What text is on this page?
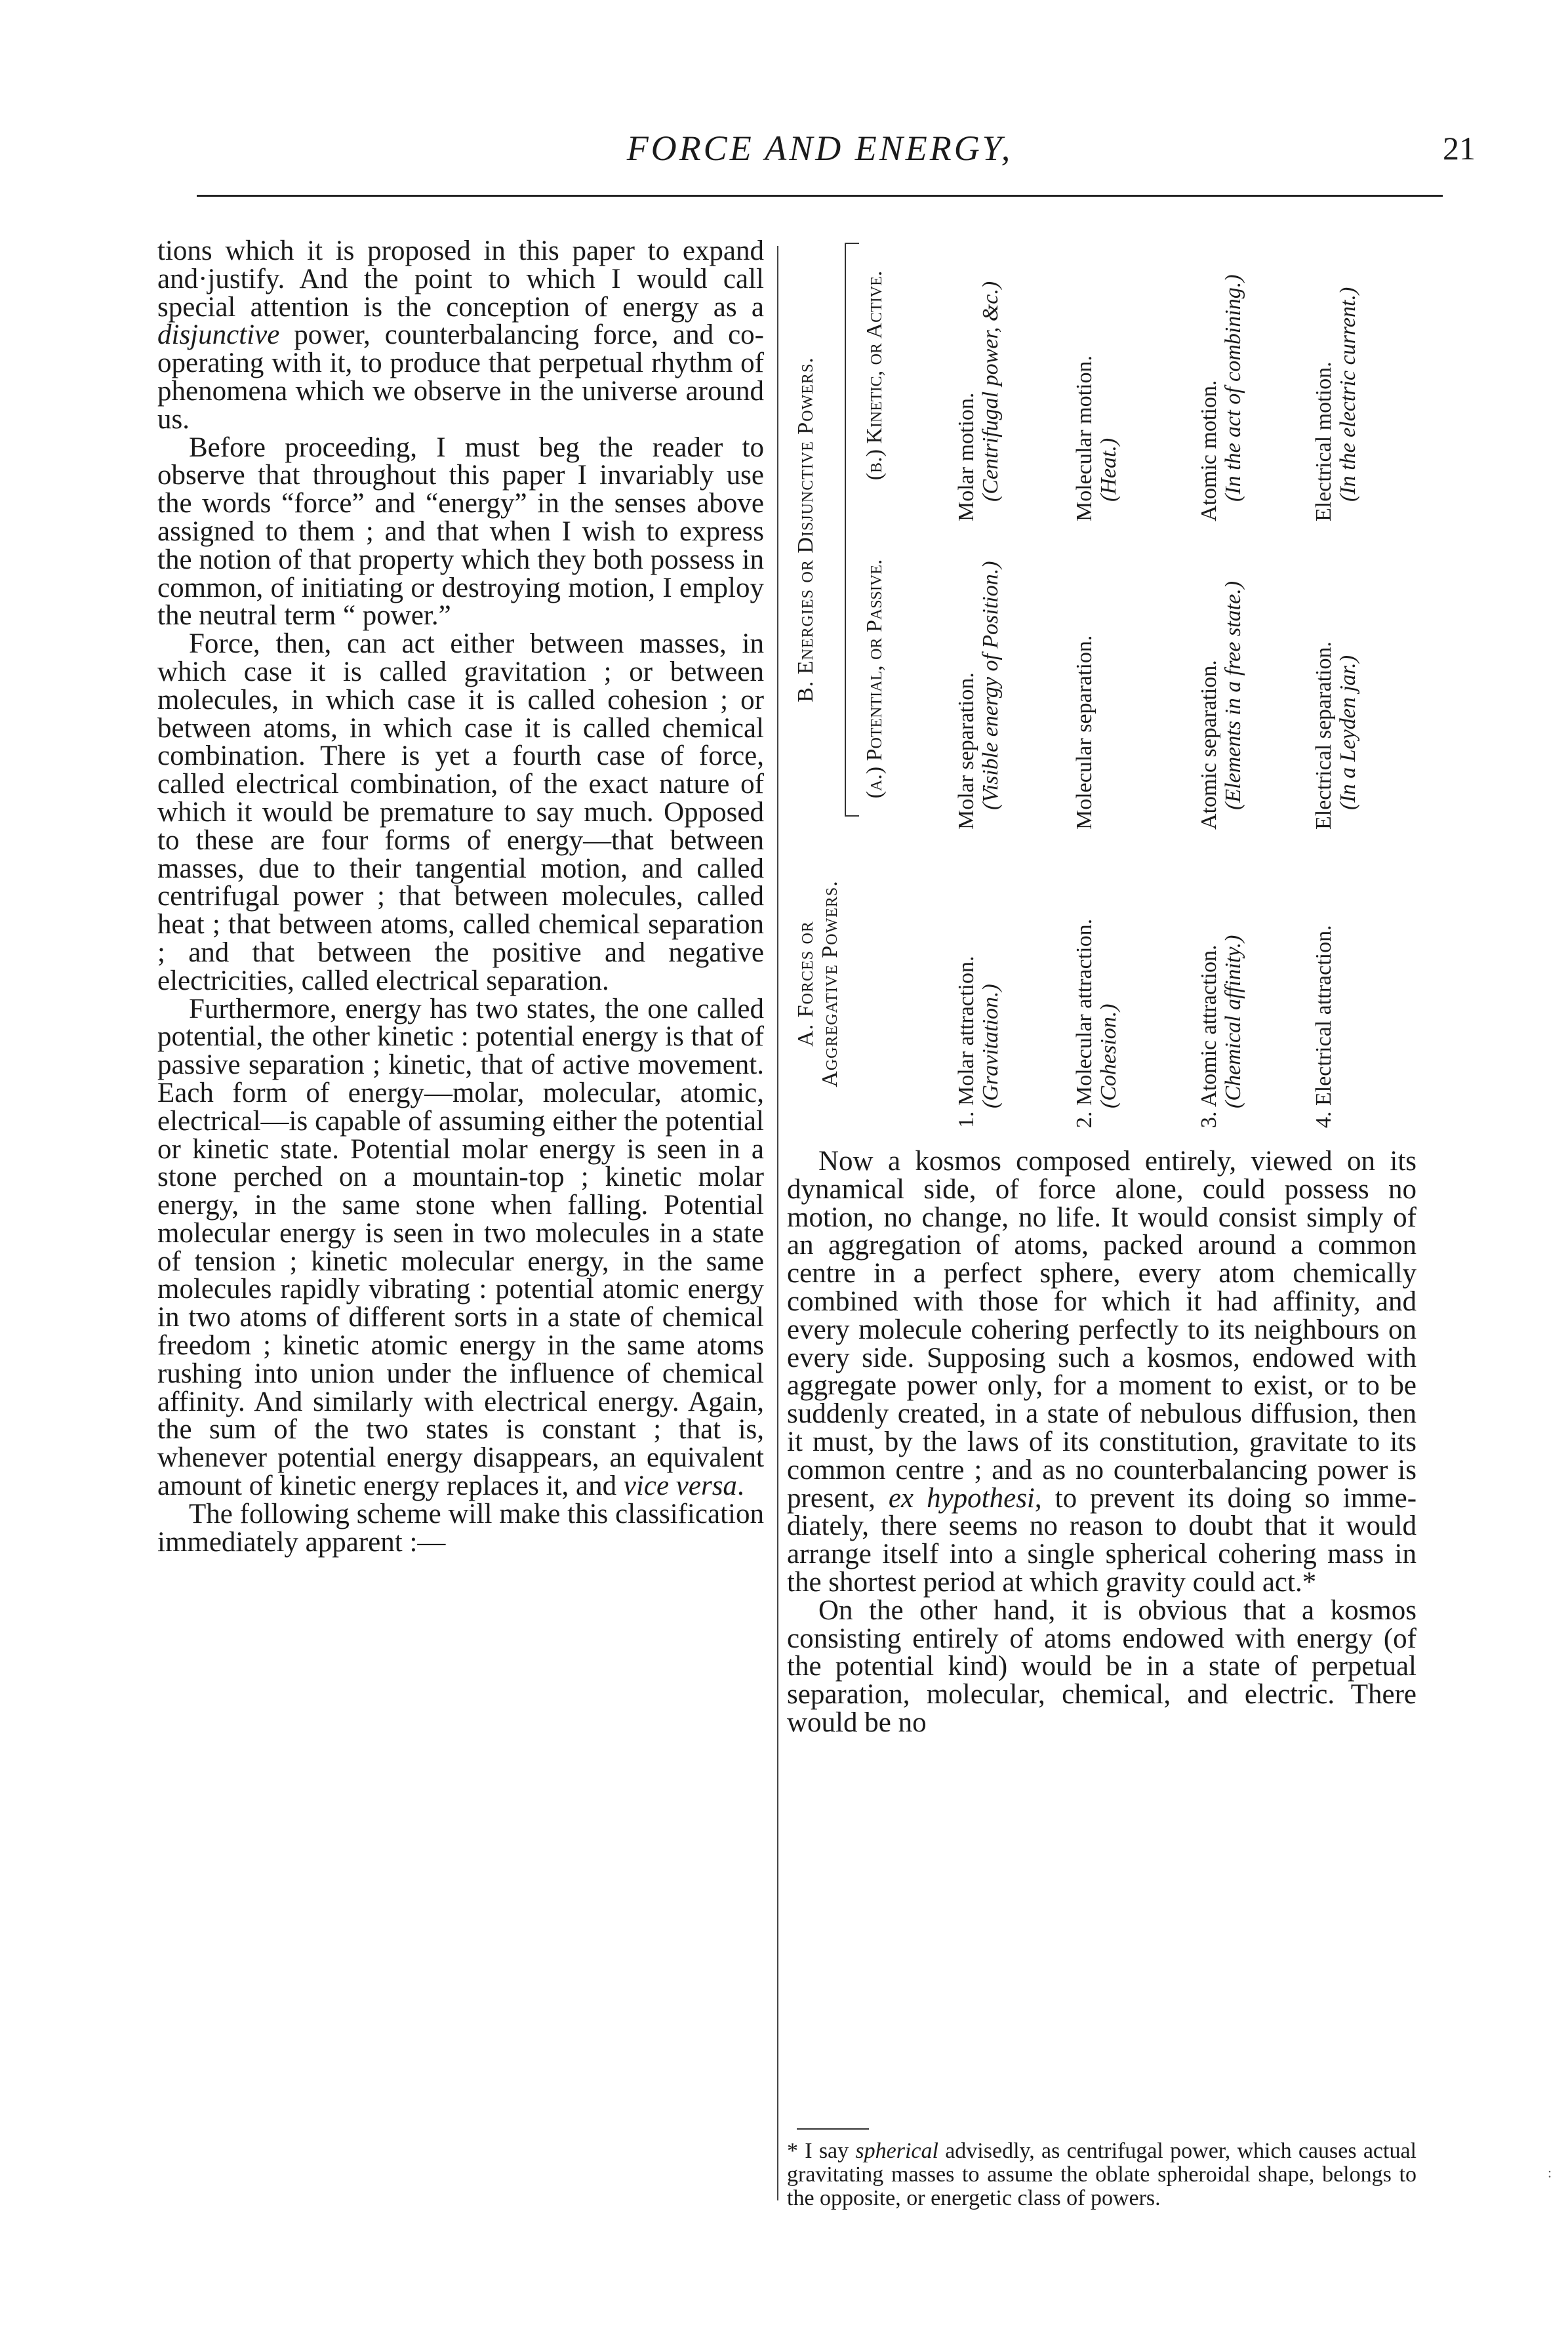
FORCE AND ENERGY,	21

tions which it is proposed in this paper to expand and·justify. And the point to which I would call special attention is the conception of energy as a disjunctive power, counterbalancing force, and co-operating with it, to produce that perpetual rhythm of phenomena which we observe in the universe around us.

Before proceeding, I must beg the reader to observe that throughout this paper I invariably use the words “force” and “energy” in the senses above assigned to them ; and that when I wish to express the notion of that property which they both possess in common, of initiating or destroying motion, I employ the neutral term “ power.”

Force, then, can act either between masses, in which case it is called gravitation ; or between molecules, in which case it is called cohesion ; or between atoms, in which case it is called chemical combination. There is yet a fourth case of force, called electrical combination, of the exact nature of which it would be premature to say much. Opposed to these are four forms of energy—that between masses, due to their tangential motion, and called centrifugal power ; that between molecules, called heat ; that between atoms, called chemical separation ; and that between the positive and negative electricities, called electrical separation.

Furthermore, energy has two states, the one called potential, the other kinetic : potential energy is that of passive separation ; kinetic, that of active movement. Each form of energy—molar, molecular, atomic, electrical—is capable of assuming either the potential or kinetic state. Potential molar energy is seen in a stone perched on a mountain-top ; kinetic molar energy, in the same stone when falling. Potential molecular energy is seen in two molecules in a state of tension ; kinetic molecular energy, in the same molecules rapidly vibrating : potential atomic energy in two atoms of different sorts in a state of chemical freedom ; kinetic atomic energy in the same atoms rushing into union under the influence of chemical affinity. And similarly with electrical energy. Again, the sum of the two states is constant ; that is, whenever potential energy disappears, an equivalent amount of kinetic energy replaces it, and vice versa.

The following scheme will make this classification immediately apparent :—

A. Forces or Aggregative Powers.	1. Molar attraction. (Gravitation.)	2. Molecular attraction. (Cohesion.)	3. Atomic attraction. (Chemical affinity.)	4. Electrical attraction.
B. Energies or Disjunctive Powers.
(a.) Potential, or Passive.	Molar separation. (Visible energy of Position.)	Molecular separation.	Atomic separation. (Elements in a free state.)	Electrical separation. (In a Leyden jar.)
(b.) Kinetic, or Active.	Molar motion. (Centrifugal power, &c.)	Molecular motion. (Heat.)	Atomic motion. (In the act of combining.)	Electrical motion. (In the electric current.)

Now a kosmos composed entirely, viewed on its dynamical side, of force alone, could possess no motion, no change, no life. It would consist simply of an aggregation of atoms, packed around a common centre in a perfect sphere, every atom chemically combined with those for which it had affinity, and every molecule cohering perfectly to its neighbours on every side. Supposing such a kosmos, endowed with aggregate power only, for a moment to exist, or to be suddenly created, in a state of nebulous diffusion, then it must, by the laws of its constitution, gravitate to its common centre ; and as no counterbalancing power is present, ex hypothesi, to prevent its doing so immediately, there seems no reason to doubt that it would arrange itself into a single spherical cohering mass in the shortest period at which gravity could act.*

On the other hand, it is obvious that a kosmos consisting entirely of atoms endowed with energy (of the potential kind) would be in a state of perpetual separation, molecular, chemical, and electric. There would be no

* I say spherical advisedly, as centrifugal power, which causes actual gravitating masses to assume the oblate spheroidal shape, belongs to the opposite, or energetic class of powers.
:
